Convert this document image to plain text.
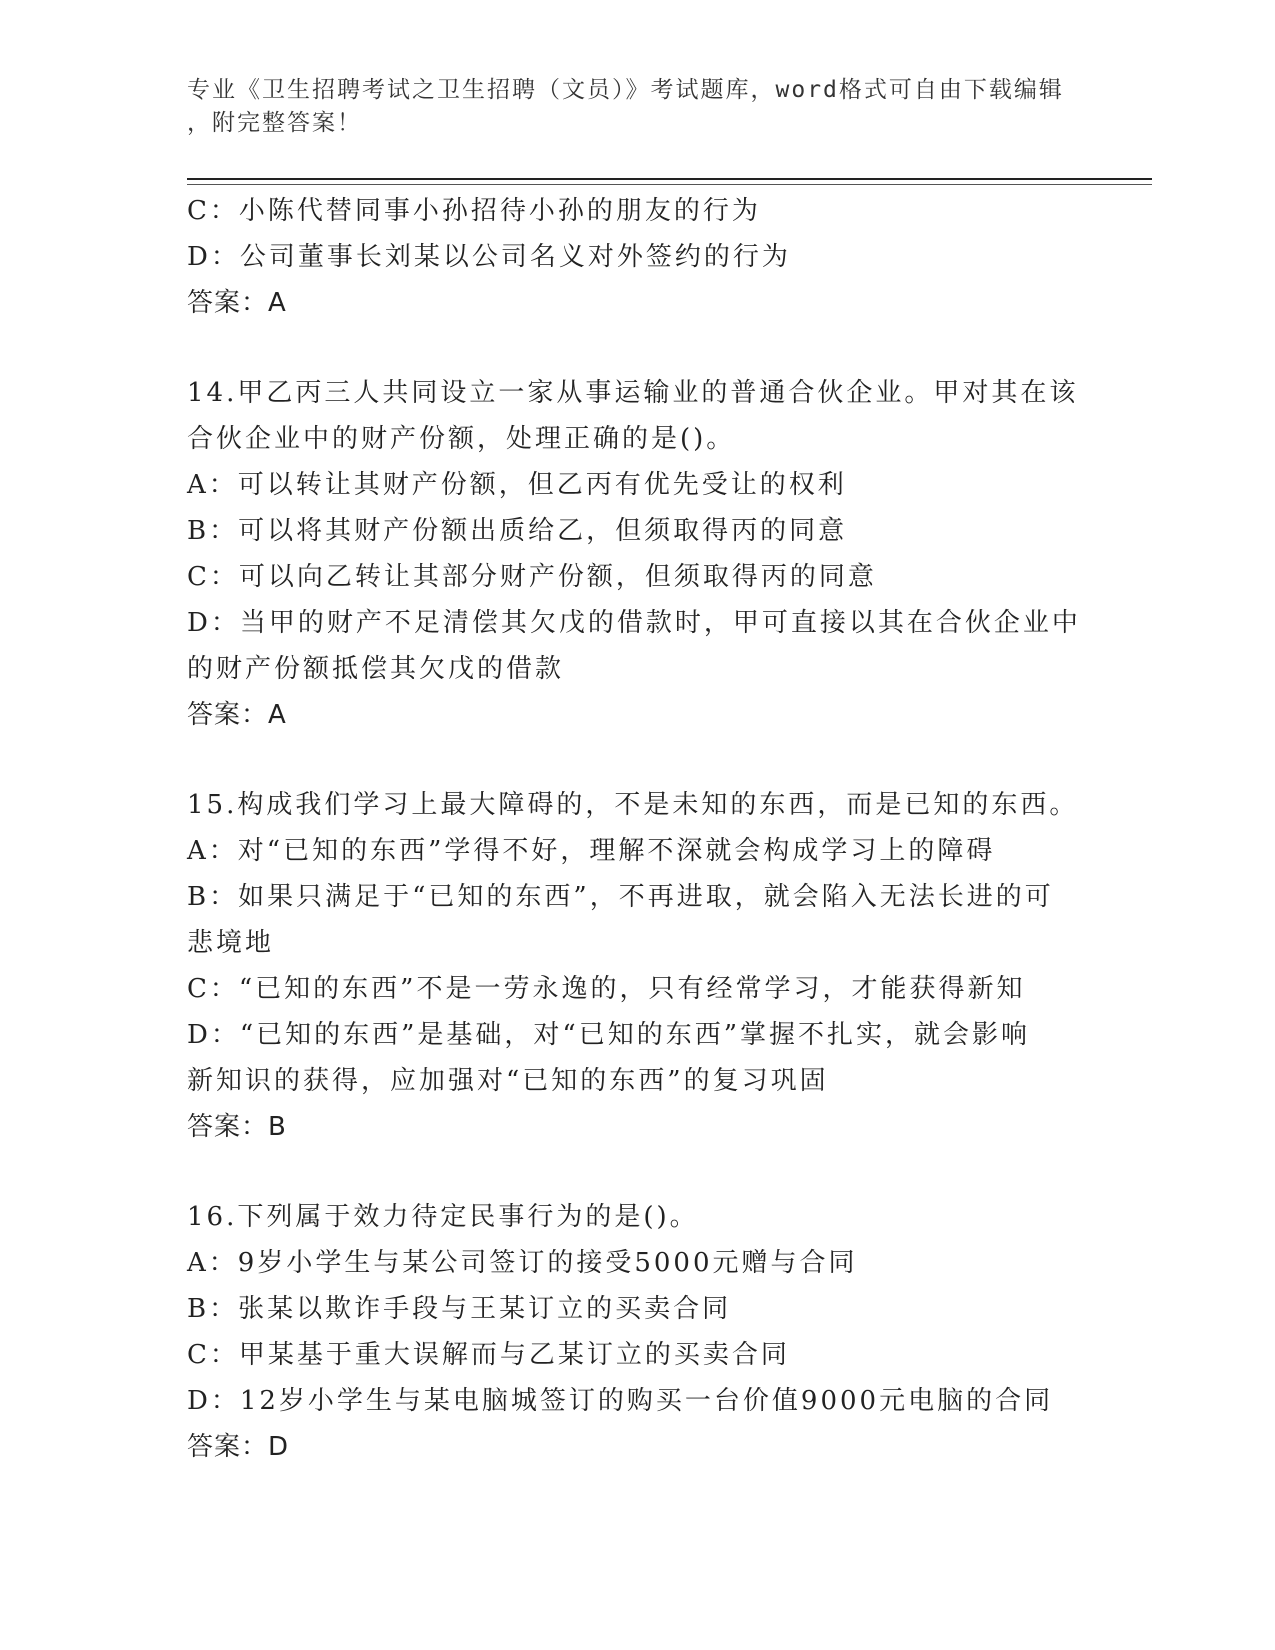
专业《卫生招聘考试之卫生招聘（文员）》考试题库，word格式可自由下载编辑
，附完整答案！
C：小陈代替同事小孙招待小孙的朋友的行为
D：公司董事长刘某以公司名义对外签约的行为
答案：A
14.甲乙丙三人共同设立一家从事运输业的普通合伙企业。甲对其在该
合伙企业中的财产份额，处理正确的是()。
A：可以转让其财产份额，但乙丙有优先受让的权利
B：可以将其财产份额出质给乙，但须取得丙的同意
C：可以向乙转让其部分财产份额，但须取得丙的同意
D：当甲的财产不足清偿其欠戊的借款时，甲可直接以其在合伙企业中
的财产份额抵偿其欠戊的借款
答案：A
15.构成我们学习上最大障碍的，不是未知的东西，而是已知的东西。
A：对“已知的东西”学得不好，理解不深就会构成学习上的障碍
B：如果只满足于“已知的东西”，不再进取，就会陷入无法长进的可
悲境地
C：“已知的东西”不是一劳永逸的，只有经常学习，才能获得新知
D：“已知的东西”是基础，对“已知的东西”掌握不扎实，就会影响
新知识的获得，应加强对“已知的东西”的复习巩固
答案：B
16.下列属于效力待定民事行为的是()。
A：9岁小学生与某公司签订的接受5000元赠与合同
B：张某以欺诈手段与王某订立的买卖合同
C：甲某基于重大误解而与乙某订立的买卖合同
D：12岁小学生与某电脑城签订的购买一台价值9000元电脑的合同
答案：D
